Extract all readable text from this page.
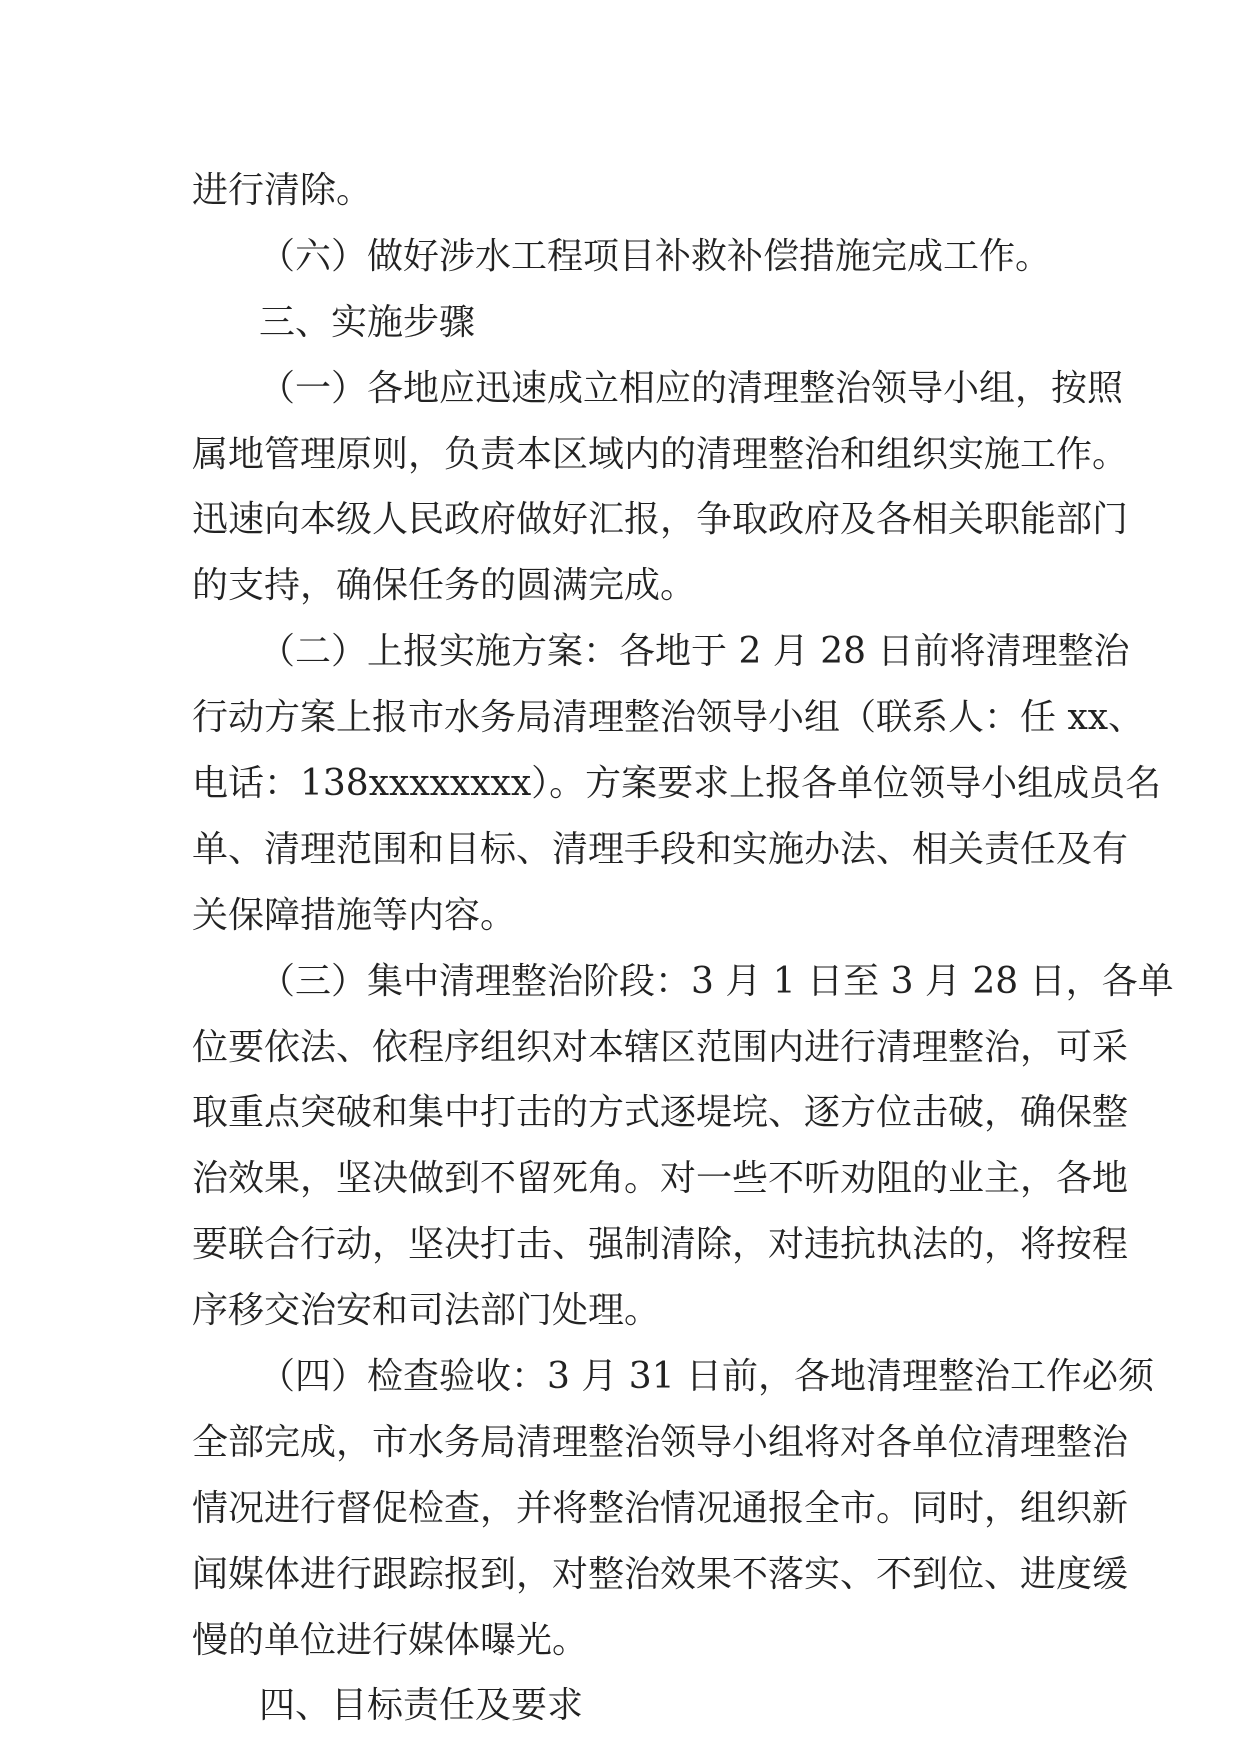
进行清除。
（六）做好涉水工程项目补救补偿措施完成工作。
三、实施步骤
（一）各地应迅速成立相应的清理整治领导小组，按照
属地管理原则，负责本区域内的清理整治和组织实施工作。
迅速向本级人民政府做好汇报，争取政府及各相关职能部门
的支持，确保任务的圆满完成。
（二）上报实施方案：各地于 2 月 28 日前将清理整治
行动方案上报市水务局清理整治领导小组（联系人：任 xx、
电话：138xxxxxxxx）。方案要求上报各单位领导小组成员名
单、清理范围和目标、清理手段和实施办法、相关责任及有
关保障措施等内容。
（三）集中清理整治阶段：3 月 1 日至 3 月 28 日，各单
位要依法、依程序组织对本辖区范围内进行清理整治，可采
取重点突破和集中打击的方式逐堤垸、逐方位击破，确保整
治效果，坚决做到不留死角。对一些不听劝阻的业主，各地
要联合行动，坚决打击、强制清除，对违抗执法的，将按程
序移交治安和司法部门处理。
（四）检查验收：3 月 31 日前，各地清理整治工作必须
全部完成，市水务局清理整治领导小组将对各单位清理整治
情况进行督促检查，并将整治情况通报全市。同时，组织新
闻媒体进行跟踪报到，对整治效果不落实、不到位、进度缓
慢的单位进行媒体曝光。
四、目标责任及要求
